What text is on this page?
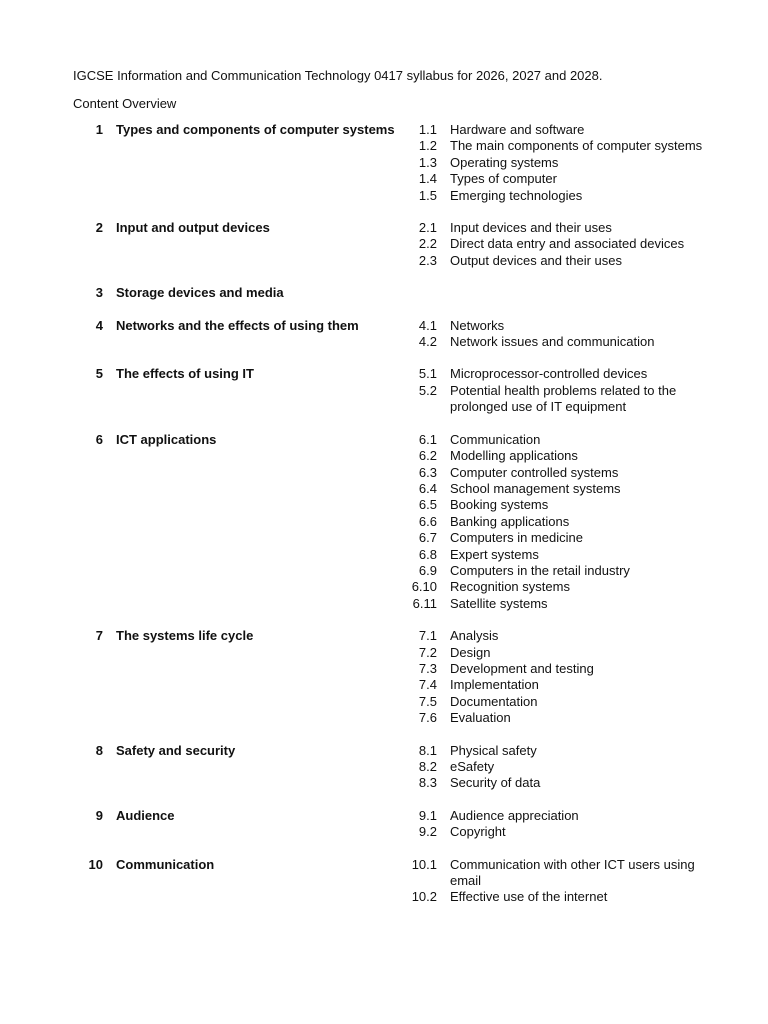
IGCSE Information and Communication Technology 0417 syllabus for 2026, 2027 and 2028.
Content Overview
1 Types and components of computer systems	1.1 Hardware and software
1.2 The main components of computer systems
1.3 Operating systems
1.4 Types of computer
1.5 Emerging technologies
2 Input and output devices	2.1 Input devices and their uses
2.2 Direct data entry and associated devices
2.3 Output devices and their uses
3 Storage devices and media
4 Networks and the effects of using them	4.1 Networks
4.2 Network issues and communication
5 The effects of using IT	5.1 Microprocessor-controlled devices
5.2 Potential health problems related to the prolonged use of IT equipment
6 ICT applications	6.1 Communication
6.2 Modelling applications
6.3 Computer controlled systems
6.4 School management systems
6.5 Booking systems
6.6 Banking applications
6.7 Computers in medicine
6.8 Expert systems
6.9 Computers in the retail industry
6.10 Recognition systems
6.11 Satellite systems
7 The systems life cycle	7.1 Analysis
7.2 Design
7.3 Development and testing
7.4 Implementation
7.5 Documentation
7.6 Evaluation
8 Safety and security	8.1 Physical safety
8.2 eSafety
8.3 Security of data
9 Audience	9.1 Audience appreciation
9.2 Copyright
10 Communication	10.1 Communication with other ICT users using email
10.2 Effective use of the internet
